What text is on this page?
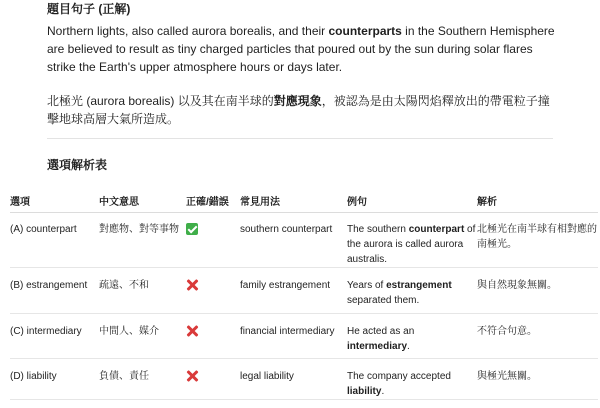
題目句子 (正解)
Northern lights, also called aurora borealis, and their counterparts in the Southern Hemisphere are believed to result as tiny charged particles that poured out by the sun during solar flares strike the Earth's upper atmosphere hours or days later.
北極光 (aurora borealis) 以及其在南半球的對應現象，被認為是由太陽閃焰釋放出的帶電粒子撞擊地球高層大氣所造成。
選項解析表
選項	中文意思	正確/錯誤	常見用法	例句	解析
(A) counterpart	對應物、對等事物		southern counterpart	The southern counterpart of the aurora is called aurora australis.	北極光在南半球有相對應的南極光。
(B) estrangement	疏遠、不和		family estrangement	Years of estrangement separated them.	與自然現象無關。
(C) intermediary	中間人、媒介		financial intermediary	He acted as an intermediary.	不符合句意。
(D) liability	負債、責任		legal liability	The company accepted liability.	與極光無關。
